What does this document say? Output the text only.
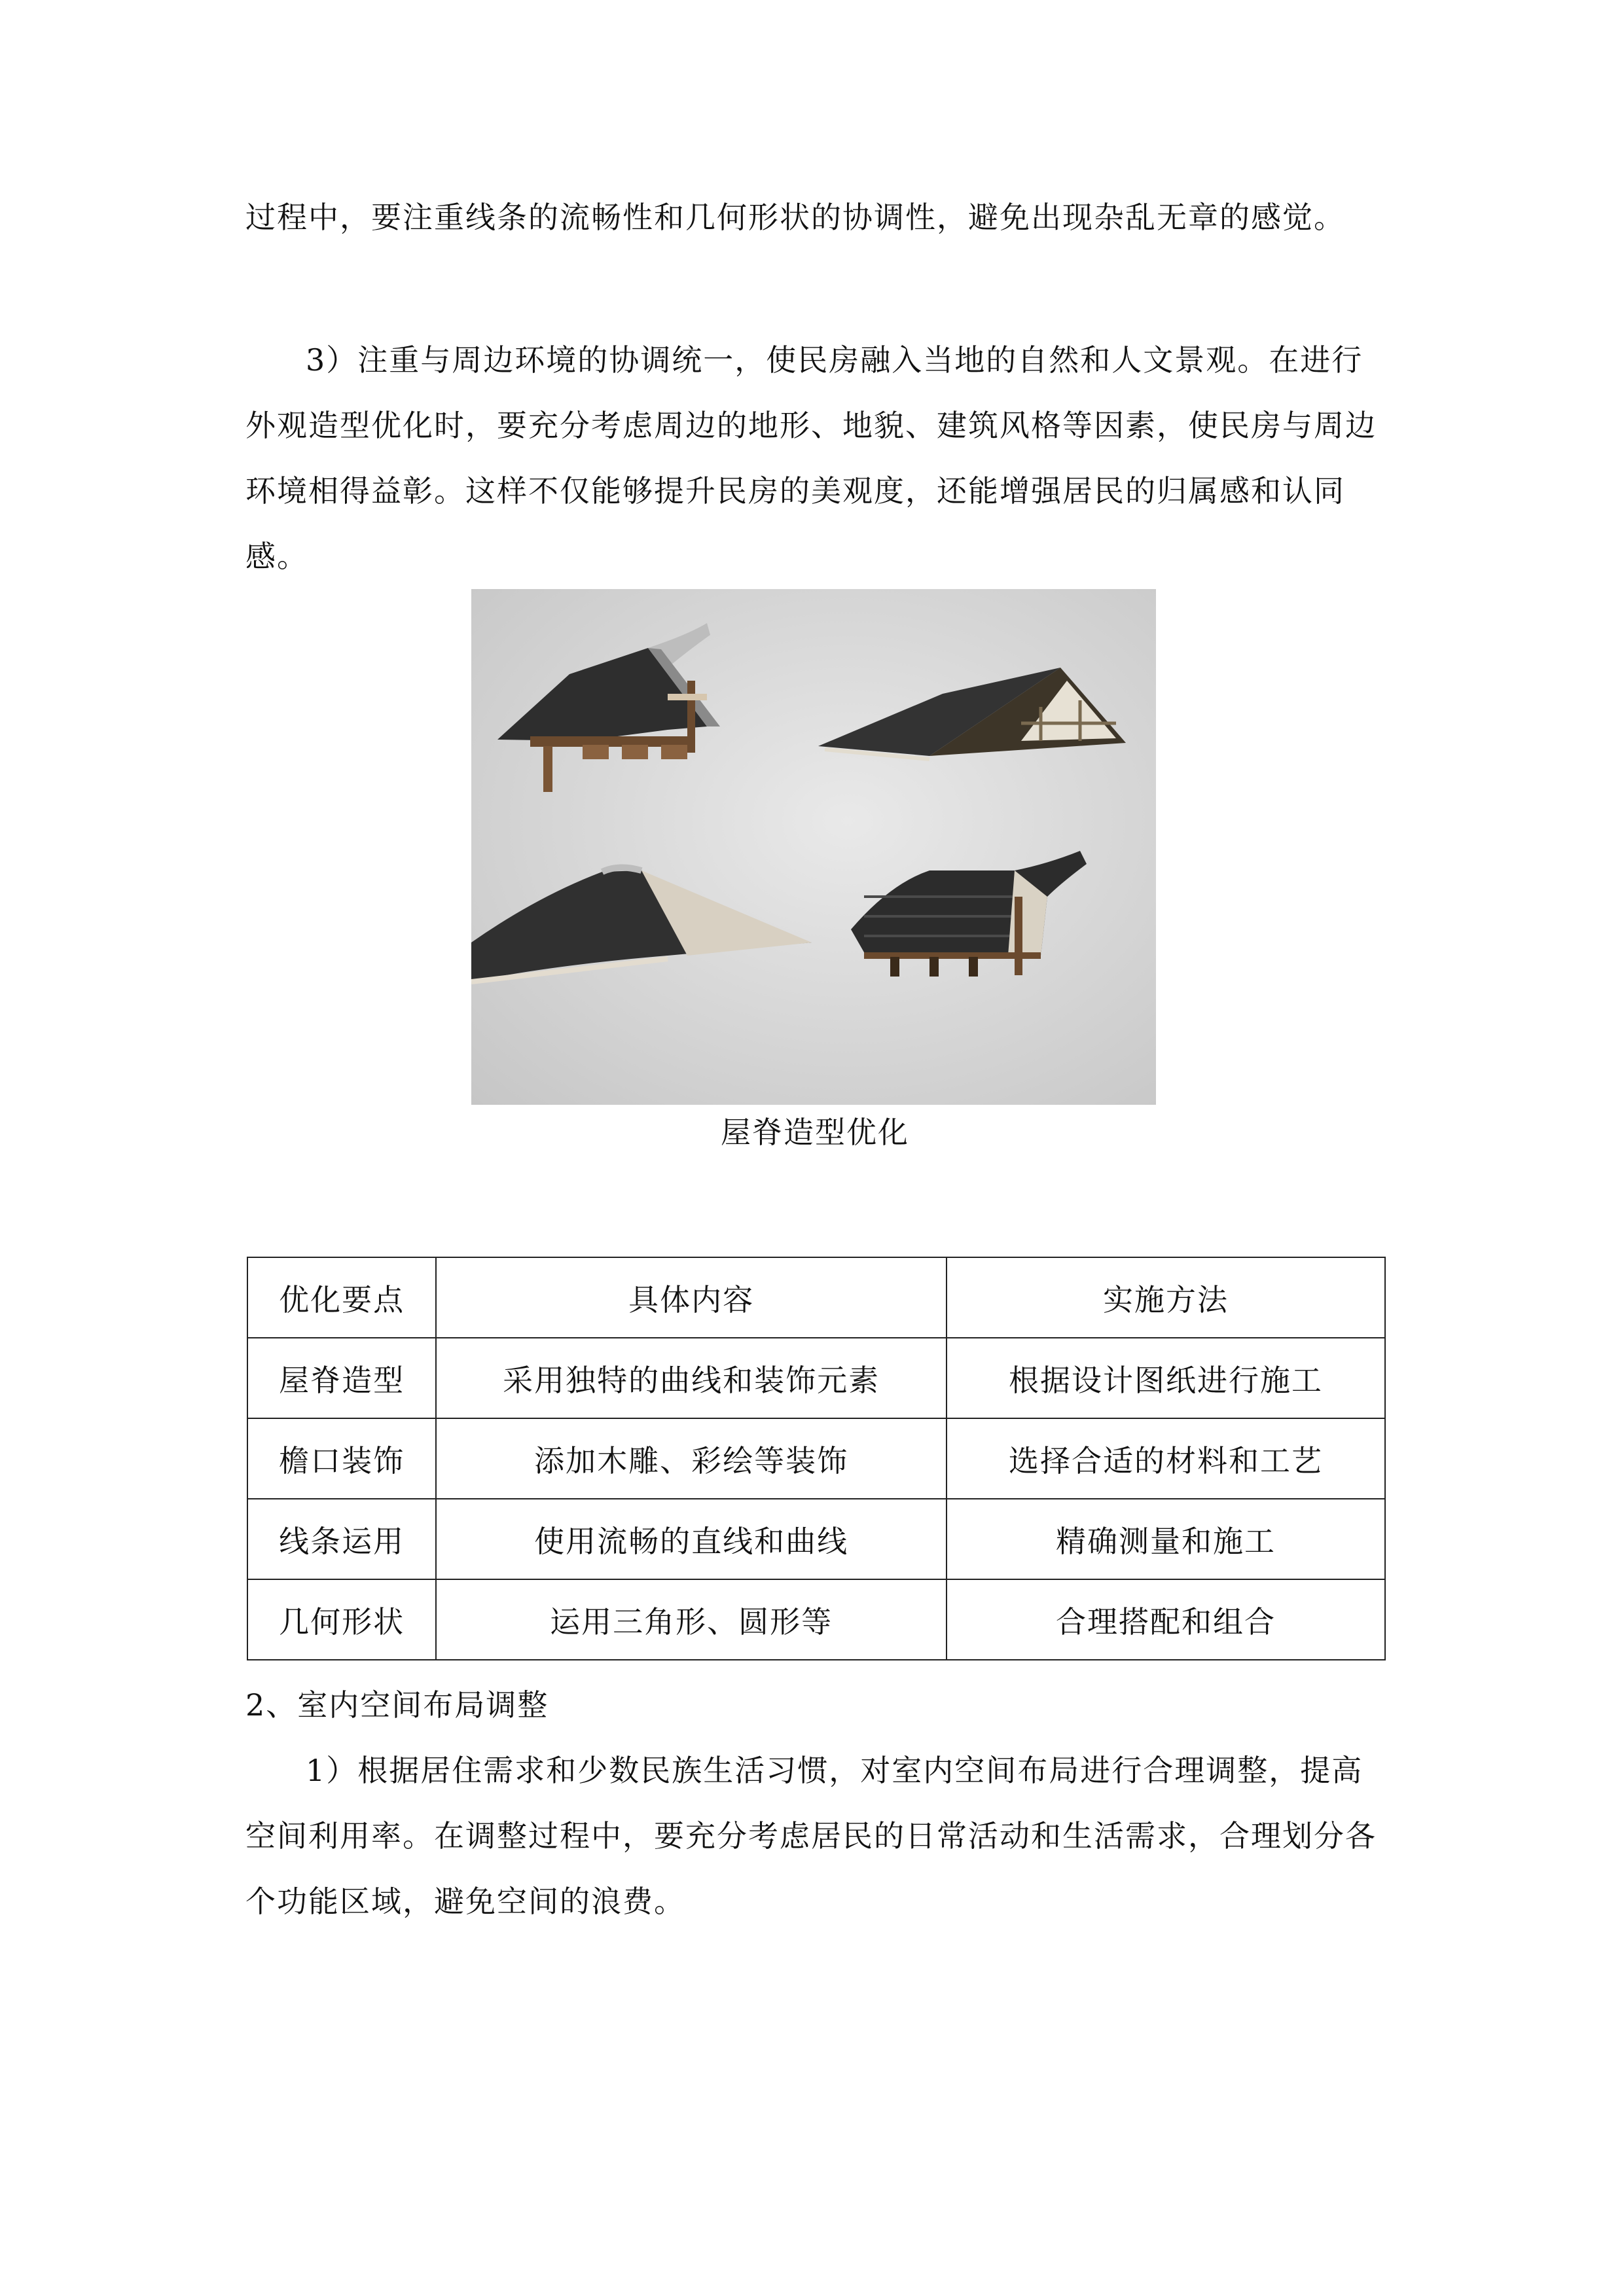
过程中，要注重线条的流畅性和几何形状的协调性，避免出现杂乱无章的感觉。

3）注重与周边环境的协调统一，使民房融入当地的自然和人文景观。在进行外观造型优化时，要充分考虑周边的地形、地貌、建筑风格等因素，使民房与周边环境相得益彰。这样不仅能够提升民房的美观度，还能增强居民的归属感和认同感。

屋脊造型优化
优化要点	具体内容	实施方法
屋脊造型	采用独特的曲线和装饰元素	根据设计图纸进行施工
檐口装饰	添加木雕、彩绘等装饰	选择合适的材料和工艺
线条运用	使用流畅的直线和曲线	精确测量和施工
几何形状	运用三角形、圆形等	合理搭配和组合

2、室内空间布局调整

1）根据居住需求和少数民族生活习惯，对室内空间布局进行合理调整，提高空间利用率。在调整过程中，要充分考虑居民的日常活动和生活需求，合理划分各个功能区域，避免空间的浪费。
